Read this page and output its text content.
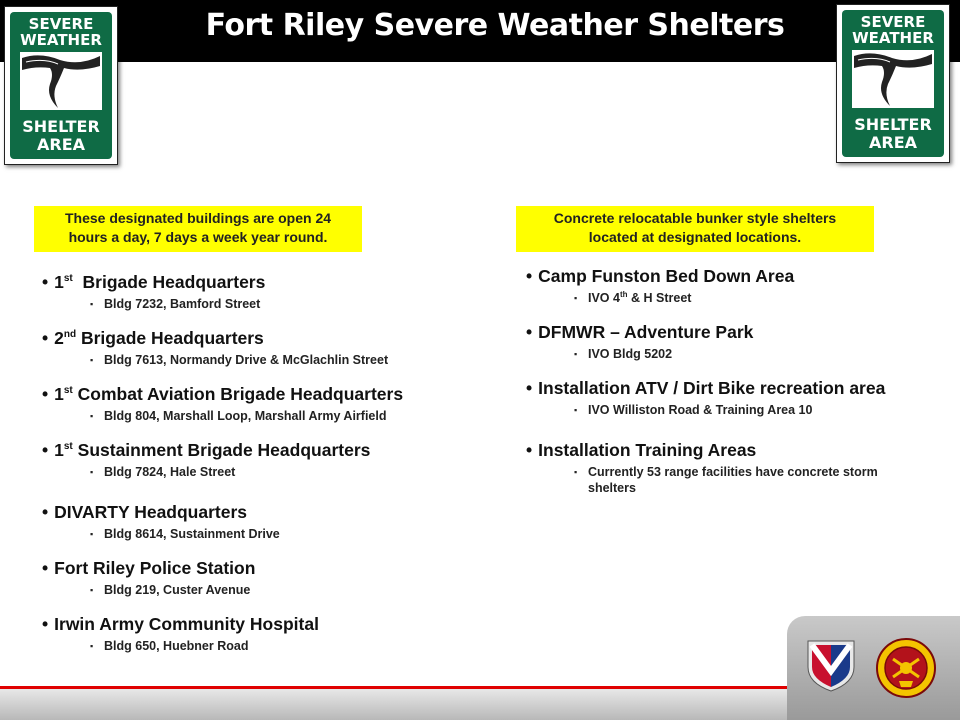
Fort Riley Severe Weather Shelters
SEVERE
WEATHER
SHELTER
AREA
SEVERE
WEATHER
SHELTER
AREA
These designated buildings are open 24
hours a day, 7 days a week year round.
Concrete relocatable bunker style shelters
located at designated locations.
• 1st  Brigade Headquarters
▪ Bldg 7232, Bamford Street
• 2nd Brigade Headquarters
▪ Bldg 7613, Normandy Drive & McGlachlin Street
• 1st Combat Aviation Brigade Headquarters
▪ Bldg 804, Marshall Loop, Marshall Army Airfield
• 1st Sustainment Brigade Headquarters
▪ Bldg 7824, Hale Street
• DIVARTY Headquarters
▪ Bldg 8614, Sustainment Drive
• Fort Riley Police Station
▪ Bldg 219, Custer Avenue
• Irwin Army Community Hospital
▪ Bldg 650, Huebner Road
• Camp Funston Bed Down Area
▪ IVO 4th & H Street
• DFMWR – Adventure Park
▪ IVO Bldg 5202
• Installation ATV / Dirt Bike recreation area
▪ IVO Williston Road & Training Area 10
• Installation Training Areas
▪ Currently 53 range facilities have concrete storm shelters
